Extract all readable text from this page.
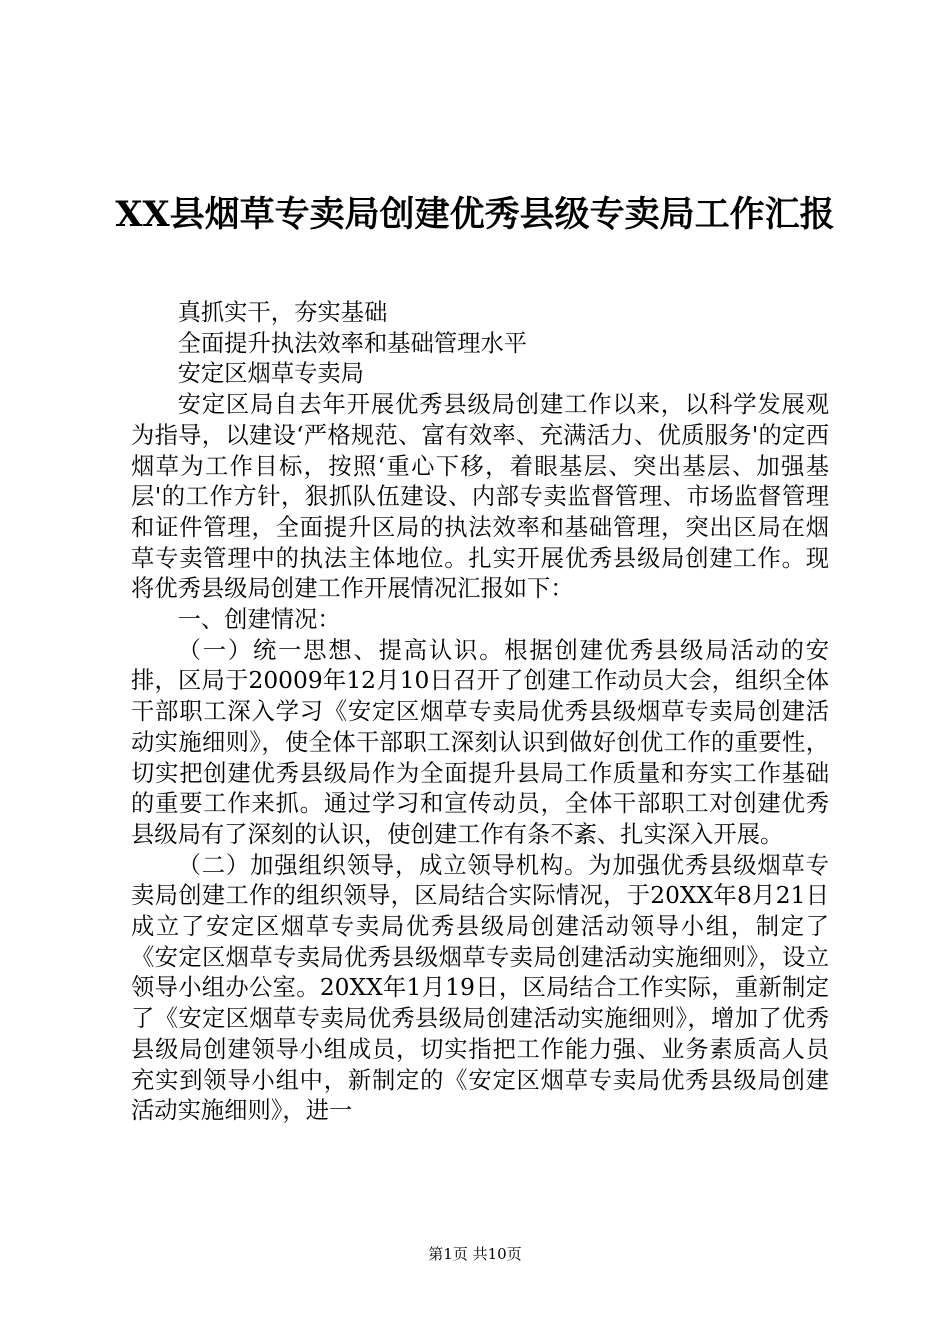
XX县烟草专卖局创建优秀县级专卖局工作汇报

真抓实干，夯实基础

全面提升执法效率和基础管理水平

安定区烟草专卖局

安定区局自去年开展优秀县级局创建工作以来，以科学发展观为指导，以建设‘严格规范、富有效率、充满活力、优质服务'的定西烟草为工作目标，按照‘重心下移，着眼基层、突出基层、加强基层'的工作方针，狠抓队伍建设、内部专卖监督管理、市场监督管理和证件管理，全面提升区局的执法效率和基础管理，突出区局在烟草专卖管理中的执法主体地位。扎实开展优秀县级局创建工作。现将优秀县级局创建工作开展情况汇报如下：

一、创建情况：

（一）统一思想、提高认识。根据创建优秀县级局活动的安排，区局于20009年12月10日召开了创建工作动员大会，组织全体干部职工深入学习《安定区烟草专卖局优秀县级烟草专卖局创建活动实施细则》，使全体干部职工深刻认识到做好创优工作的重要性，切实把创建优秀县级局作为全面提升县局工作质量和夯实工作基础的重要工作来抓。通过学习和宣传动员，全体干部职工对创建优秀县级局有了深刻的认识，使创建工作有条不紊、扎实深入开展。

（二）加强组织领导，成立领导机构。为加强优秀县级烟草专卖局创建工作的组织领导，区局结合实际情况，于20XX年8月21日成立了安定区烟草专卖局优秀县级局创建活动领导小组，制定了《安定区烟草专卖局优秀县级烟草专卖局创建活动实施细则》，设立领导小组办公室。20XX年1月19日，区局结合工作实际，重新制定了《安定区烟草专卖局优秀县级局创建活动实施细则》，增加了优秀县级局创建领导小组成员，切实指把工作能力强、业务素质高人员充实到领导小组中，新制定的《安定区烟草专卖局优秀县级局创建活动实施细则》，进一

第1页 共10页
